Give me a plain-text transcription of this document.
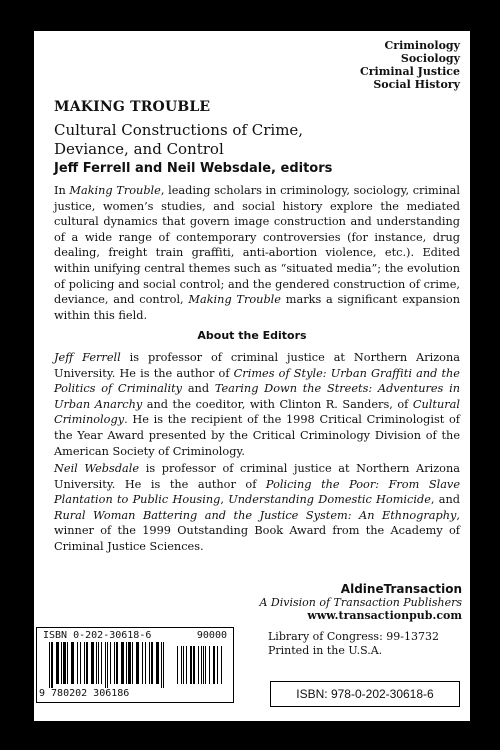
Criminology
Sociology
Criminal Justice
Social History
MAKING TROUBLE
Cultural Constructions of Crime, Deviance, and Control
Jeff Ferrell and Neil Websdale, editors

In Making Trouble, leading scholars in criminology, sociology, criminal justice, women’s studies, and social history explore the mediated cultural dynamics that govern image construction and understanding of a wide range of contemporary controversies (for instance, drug dealing, freight train graffiti, anti-abortion violence, etc.). Edited within unifying central themes such as “situated media”; the evolution of policing and social control; and the gendered construction of crime, deviance, and control, Making Trouble marks a significant expansion within this field.

About the Editors

Jeff Ferrell is professor of criminal justice at Northern Arizona University. He is the author of Crimes of Style: Urban Graffiti and the Politics of Criminality and Tearing Down the Streets: Adventures in Urban Anarchy and the coeditor, with Clinton R. Sanders, of Cultural Criminology. He is the recipient of the 1998 Critical Criminologist of the Year Award presented by the Critical Criminology Division of the American Society of Criminology.

Neil Websdale is professor of criminal justice at Northern Arizona University. He is the author of Policing the Poor: From Slave Plantation to Public Housing, Understanding Domestic Homicide, and Rural Woman Battering and the Justice System: An Ethnography, winner of the 1999 Outstanding Book Award from the Academy of Criminal Justice Sciences.

AldineTransaction
A Division of Transaction Publishers
www.transactionpub.com
Library of Congress: 99-13732
Printed in the U.S.A.
ISBN: 978-0-202-30618-6
ISBN 0-202-30618-6	90000
9 780202 306186
